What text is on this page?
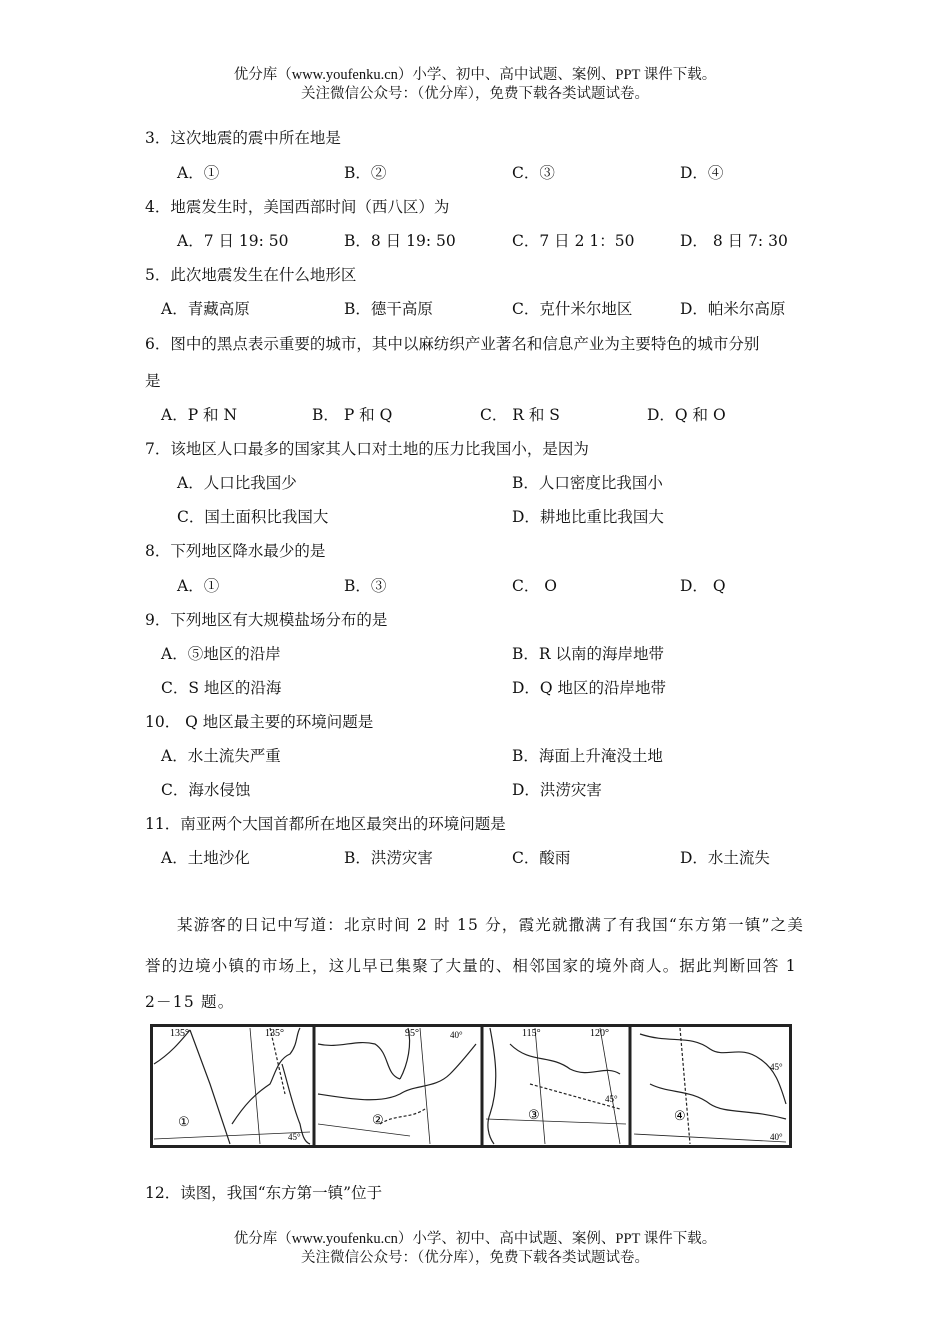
优分库（www.youfenku.cn）小学、初中、高中试题、案例、PPT 课件下载。
关注微信公众号：（优分库），免费下载各类试题试卷。
3．这次地震的震中所在地是
A．①	B．②	C．③	D．④
4．地震发生时，美国西部时间（西八区）为
A．7 日 19: 50	B．8 日 19: 50	C．7 日 2 1：50	D． 8 日 7: 30
5．此次地震发生在什么地形区
A．青藏高原	B．德干高原	C．克什米尔地区	D．帕米尔高原
6．图中的黑点表示重要的城市，其中以麻纺织产业著名和信息产业为主要特色的城市分别
是
A．P 和 N	B． P 和 Q	C． R 和 S	D．Q 和 O
7．该地区人口最多的国家其人口对土地的压力比我国小，是因为
A．人口比我国少	B．人口密度比我国小
C．国土面积比我国大	D．耕地比重比我国大
8．下列地区降水最少的是
A．①	B．③	C． O	D． Q
9．下列地区有大规模盐场分布的是
A．⑤地区的沿岸	B．R 以南的海岸地带
C．S 地区的沿海	D．Q 地区的沿岸地带
10． Q 地区最主要的环境问题是
A．水土流失严重	B．海面上升淹没土地
C．海水侵蚀	D．洪涝灾害
11．南亚两个大国首都所在地区最突出的环境问题是
A．土地沙化	B．洪涝灾害	C．酸雨	D．水土流失
某游客的日记中写道：北京时间 2 时 15 分，霞光就撒满了有我国“东方第一镇”之美
誉的边境小镇的市场上，这儿早已集聚了大量的、相邻国家的境外商人。据此判断回答 1
2－15 题。
135°	135°
45°
①
95°	40°
②
115°	120°
45°
③
45°
40°
④
12．读图，我国“东方第一镇”位于
优分库（www.youfenku.cn）小学、初中、高中试题、案例、PPT 课件下载。
关注微信公众号：（优分库），免费下载各类试题试卷。
